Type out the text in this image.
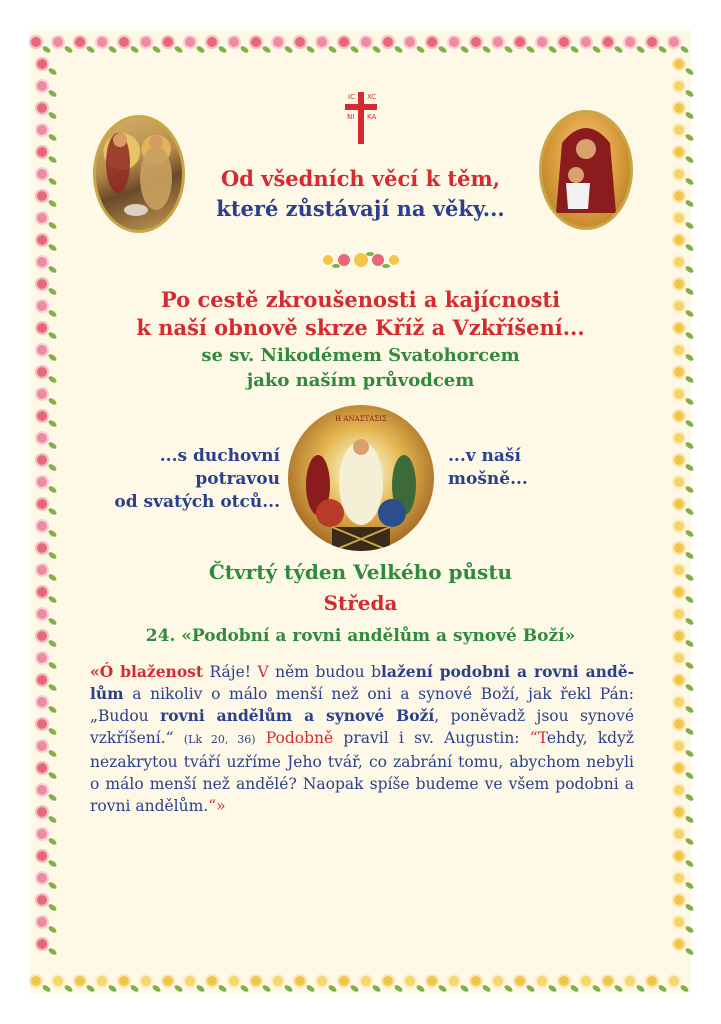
IC XC
NI KA
Od všedních věcí k těm,
které zůstávají na věky...
Po cestě zkroušenosti a kajícnosti
k naší obnově skrze Kříž a Vzkříšení...
se sv. Nikodémem Svatohorcem
jako naším průvodcem
Η ΑΝΑΣΤΑΣΙΣ
...s duchovní
potravou
od svatých otců...
...v naší
mošně...
Čtvrtý týden Velkého půstu
Středa
24. «Podobní a rovni andělům a synové Boží»
«Ó blaženost Ráje! V něm budou blažení podobni a rovni andě-lům a nikoliv o málo menší než oni a synové Boží, jak řekl Pán: „Budou rovni andělům a synové Boží, poněvadž jsou synové vzkříšení.“ (Lk 20, 36) Podobně pravil i sv. Augustin: “Tehdy, když nezakrytou tváří uzříme Jeho tvář, co zabrání tomu, abychom nebyli o málo menší než andělé? Naopak spíše budeme ve všem podobni a rovni andělům.“»
